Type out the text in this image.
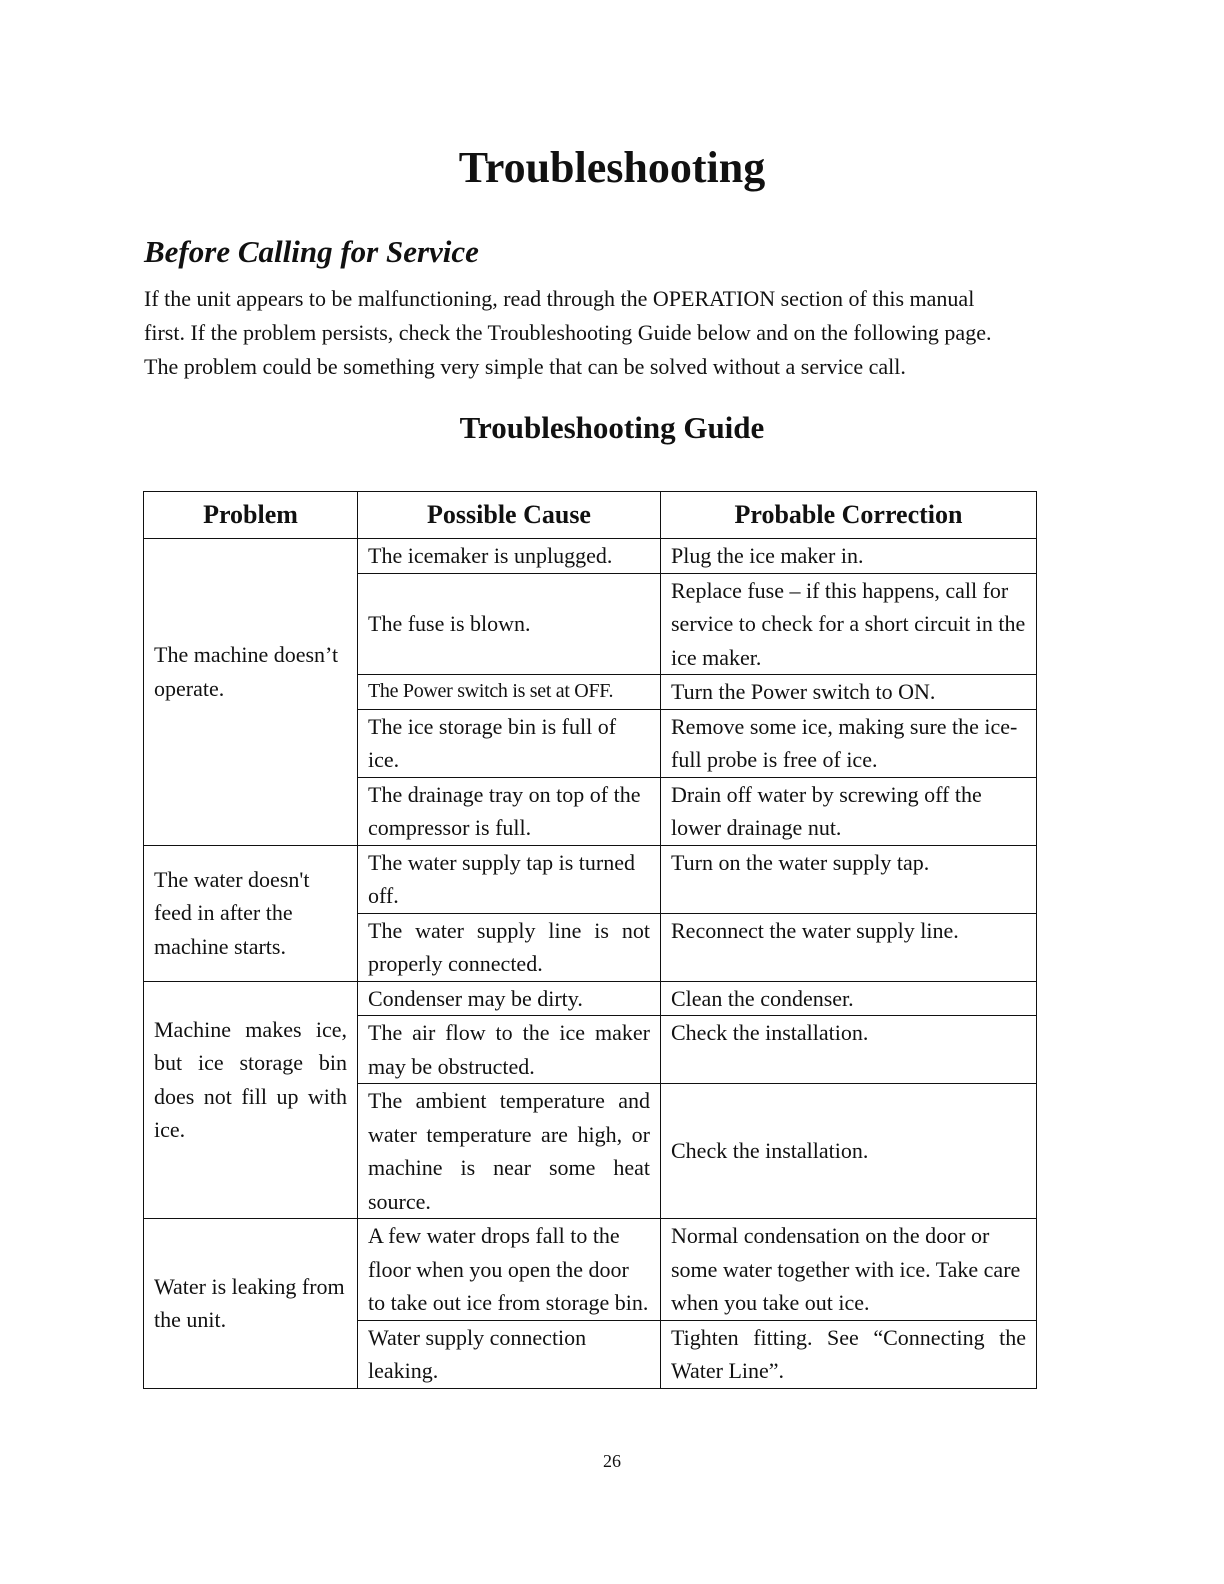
Troubleshooting
Before Calling for Service
If the unit appears to be malfunctioning, read through the OPERATION section of this manual
first. If the problem persists, check the Troubleshooting Guide below and on the following page.
The problem could be something very simple that can be solved without a service call.
Troubleshooting Guide
Problem	Possible Cause	Probable Correction
The machine doesn’t operate.	The icemaker is unplugged.	Plug the ice maker in.
	The fuse is blown.	Replace fuse – if this happens, call for service to check for a short circuit in the ice maker.
	The Power switch is set at OFF.	Turn the Power switch to ON.
	The ice storage bin is full of ice.	Remove some ice, making sure the ice-full probe is free of ice.
	The drainage tray on top of the compressor is full.	Drain off water by screwing off the lower drainage nut.
The water doesn't feed in after the machine starts.	The water supply tap is turned off.	Turn on the water supply tap.
	The water supply line is not properly connected.	Reconnect the water supply line.
Machine makes ice, but ice storage bin does not fill up with ice.	Condenser may be dirty.	Clean the condenser.
	The air flow to the ice maker may be obstructed.	Check the installation.
	The ambient temperature and water temperature are high, or machine is near some heat source.	Check the installation.
Water is leaking from the unit.	A few water drops fall to the floor when you open the door to take out ice from storage bin.	Normal condensation on the door or some water together with ice. Take care when you take out ice.
	Water supply connection leaking.	Tighten fitting. See “Connecting the Water Line”.
26
